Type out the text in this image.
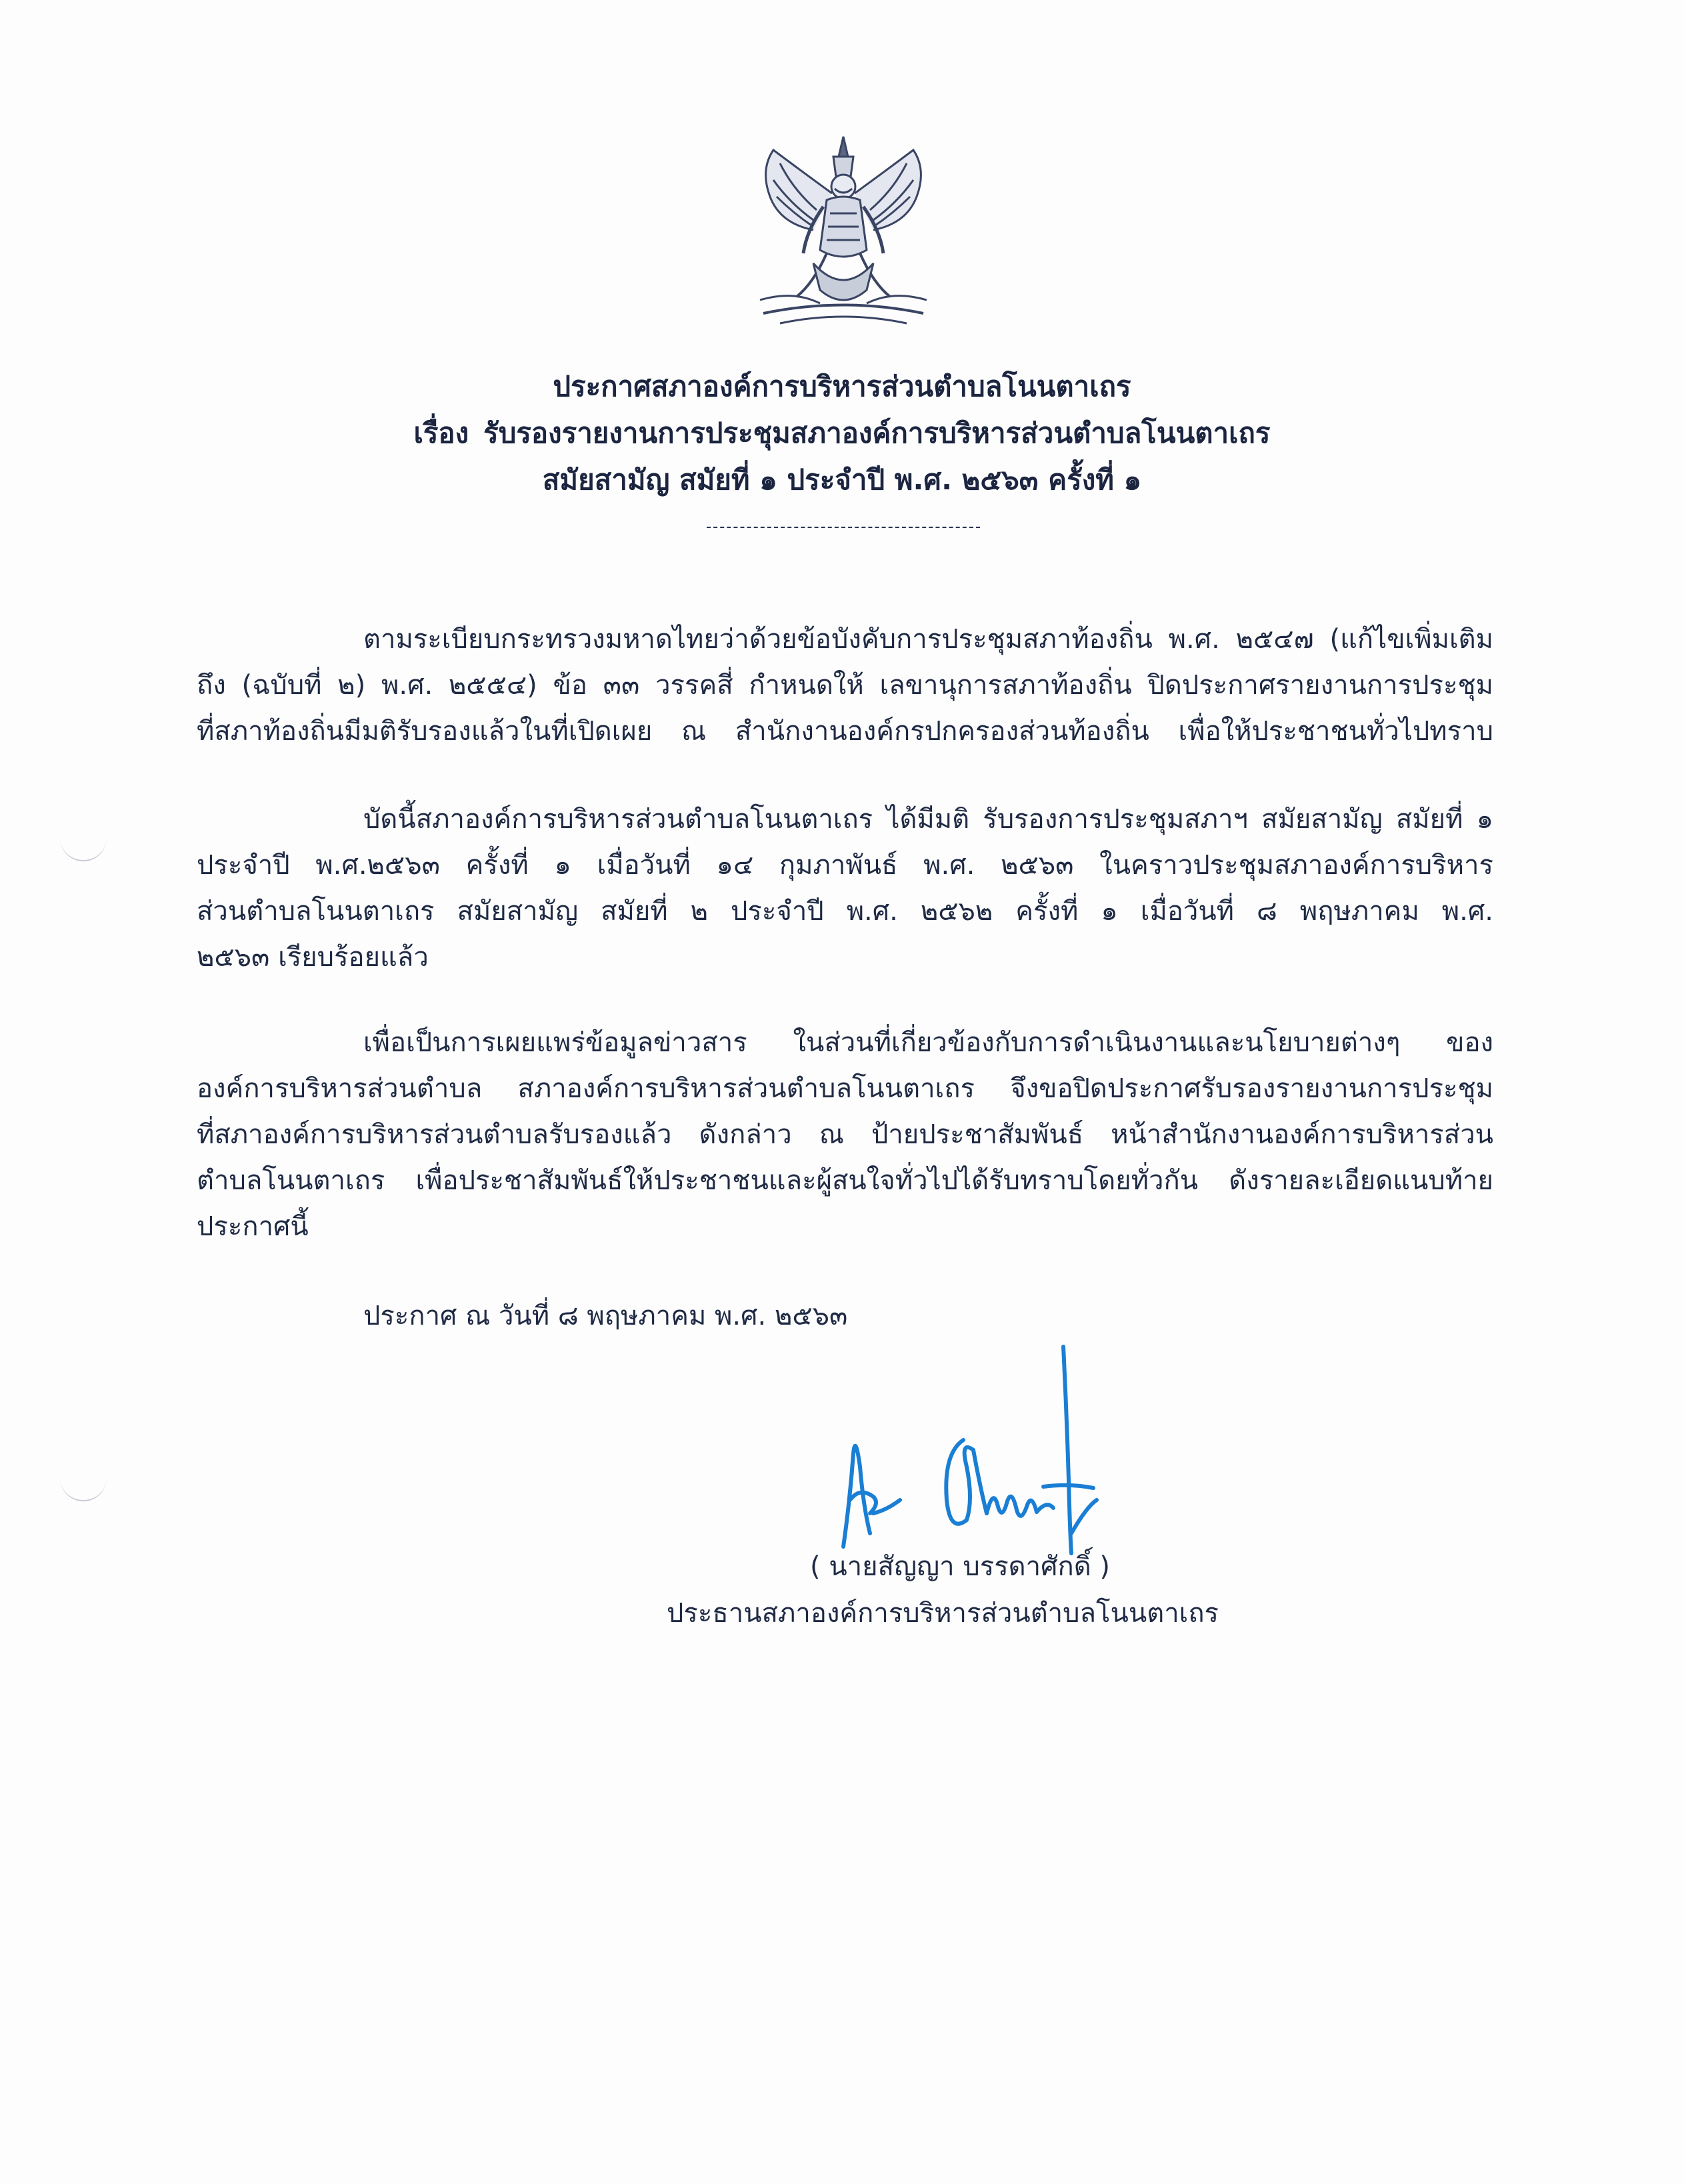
ประกาศสภาองค์การบริหารส่วนตำบลโนนตาเถร
เรื่อง รับรองรายงานการประชุมสภาองค์การบริหารส่วนตำบลโนนตาเถร
สมัยสามัญ สมัยที่ ๑ ประจำปี พ.ศ. ๒๕๖๓ ครั้งที่ ๑
ตามระเบียบกระทรวงมหาดไทยว่าด้วยข้อบังคับการประชุมสภาท้องถิ่น พ.ศ. ๒๕๔๗ (แก้ไขเพิ่มเติม
ถึง (ฉบับที่ ๒) พ.ศ. ๒๕๕๔) ข้อ ๓๓ วรรคสี่ กำหนดให้ เลขานุการสภาท้องถิ่น ปิดประกาศรายงานการประชุม
ที่สภาท้องถิ่นมีมติรับรองแล้วในที่เปิดเผย ณ สำนักงานองค์กรปกครองส่วนท้องถิ่น เพื่อให้ประชาชนทั่วไปทราบ
บัดนี้สภาองค์การบริหารส่วนตำบลโนนตาเถร ได้มีมติ รับรองการประชุมสภาฯ สมัยสามัญ สมัยที่ ๑
ประจำปี พ.ศ.๒๕๖๓ ครั้งที่ ๑ เมื่อวันที่ ๑๔ กุมภาพันธ์ พ.ศ. ๒๕๖๓ ในคราวประชุมสภาองค์การบริหาร
ส่วนตำบลโนนตาเถร สมัยสามัญ สมัยที่ ๒ ประจำปี พ.ศ. ๒๕๖๒ ครั้งที่ ๑ เมื่อวันที่ ๘ พฤษภาคม พ.ศ.
๒๕๖๓ เรียบร้อยแล้ว
เพื่อเป็นการเผยแพร่ข้อมูลข่าวสาร ในส่วนที่เกี่ยวข้องกับการดำเนินงานและนโยบายต่างๆ ของ
องค์การบริหารส่วนตำบล สภาองค์การบริหารส่วนตำบลโนนตาเถร จึงขอปิดประกาศรับรองรายงานการประชุม
ที่สภาองค์การบริหารส่วนตำบลรับรองแล้ว ดังกล่าว ณ ป้ายประชาสัมพันธ์ หน้าสำนักงานองค์การบริหารส่วน
ตำบลโนนตาเถร เพื่อประชาสัมพันธ์ให้ประชาชนและผู้สนใจทั่วไปได้รับทราบโดยทั่วกัน ดังรายละเอียดแนบท้าย
ประกาศนี้
ประกาศ ณ วันที่ ๘ พฤษภาคม พ.ศ. ๒๕๖๓
( นายสัญญา บรรดาศักดิ์ )
ประธานสภาองค์การบริหารส่วนตำบลโนนตาเถร
